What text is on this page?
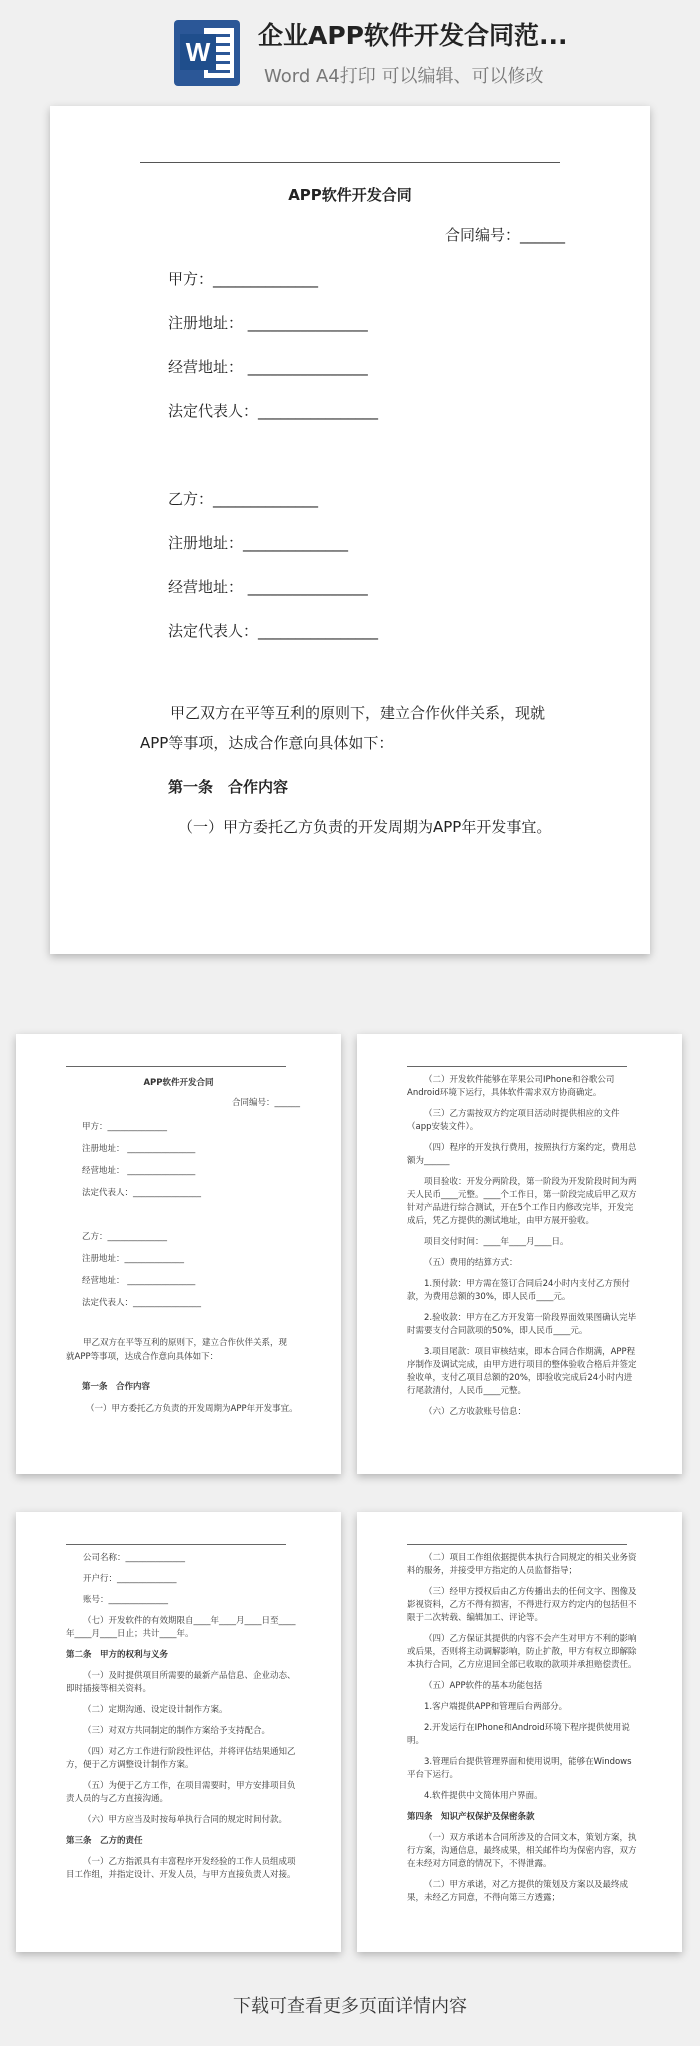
W
企业APP软件开发合同范...
Word A4打印 可以编辑、可以修改
APP软件开发合同
合同编号：______
甲方：______________
注册地址： ________________
经营地址： ________________
法定代表人：________________
乙方：______________
注册地址：______________
经营地址： ________________
法定代表人：________________
甲乙双方在平等互利的原则下，建立合作伙伴关系，现就APP等事项，达成合作意向具体如下：
第一条　合作内容
（一）甲方委托乙方负责的开发周期为APP年开发事宜。
APP软件开发合同
合同编号：______
甲方：______________
注册地址： ________________
经营地址： ________________
法定代表人：________________
乙方：______________
注册地址：______________
经营地址： ________________
法定代表人：________________
甲乙双方在平等互利的原则下，建立合作伙伴关系，现就APP等事项，达成合作意向具体如下：
第一条　合作内容
（一）甲方委托乙方负责的开发周期为APP年开发事宜。
（二）开发软件能够在苹果公司IPhone和谷歌公司Android环境下运行，具体软件需求双方协商确定。
（三）乙方需按双方约定项目活动时提供相应的文件（app安装文件）。
（四）程序的开发执行费用，按照执行方案约定，费用总额为______
项目验收：开发分两阶段，第一阶段为开发阶段时间为两天人民币____元整。____个工作日，第一阶段完成后甲乙双方针对产品进行综合测试，开在5个工作日内修改完毕，开发完成后，凭乙方提供的测试地址，由甲方展开验收。
项目交付时间：____年____月____日。
（五）费用的结算方式：
1.预付款：甲方需在签订合同后24小时内支付乙方预付款，为费用总额的30%，即人民币____元。
2.验收款：甲方在乙方开发第一阶段界面效果图确认完毕时需要支付合同款项的50%，即人民币____元。
3.项目尾款：项目审核结束，即本合同合作期满，APP程序制作及调试完成，由甲方进行项目的整体验收合格后并签定验收单，支付乙项目总额的20%，即验收完成后24小时内进行尾款清付，人民币____元整。
（六）乙方收款账号信息：
公司名称：______________
开户行：______________
账号：______________
（七）开发软件的有效期限自____年____月____日至____年____月____日止；共计____年。
第二条　甲方的权利与义务
（一）及时提供项目所需要的最新产品信息、企业动态、即时插接等相关资料。
（二）定期沟通、设定设计制作方案。
（三）对双方共同制定的制作方案给予支持配合。
（四）对乙方工作进行阶段性评估，并将评估结果通知乙方，便于乙方调整设计制作方案。
（五）为便于乙方工作，在项目需要时，甲方安排项目负责人员的与乙方直接沟通。
（六）甲方应当及时按每单执行合同的规定时间付款。
第三条　乙方的责任
（一）乙方指派具有丰富程序开发经验的工作人员组成项目工作组，并指定设计、开发人员，与甲方直接负责人对接。
（二）项目工作组依据提供本执行合同规定的相关业务资料的服务，并接受甲方指定的人员监督指导；
（三）经甲方授权后由乙方传播出去的任何文字、图像及影视资料，乙方不得有损害，不得进行双方约定内的包括但不限于二次转载、编辑加工、评论等。
（四）乙方保证其提供的内容不会产生对甲方不利的影响或后果，否则将主动调解影响，防止扩散，甲方有权立即解除本执行合同，乙方应退回全部已收取的款项并承担赔偿责任。
（五）APP软件的基本功能包括
1.客户端提供APP和管理后台两部分。
2.开发运行在IPhone和Android环境下程序提供使用说明。
3.管理后台提供管理界面和使用说明，能够在Windows平台下运行。
4.软件提供中文简体用户界面。
第四条　知识产权保护及保密条款
（一）双方承诺本合同所涉及的合同文本，策划方案，执行方案，沟通信息，最终成果，相关邮件均为保密内容，双方在未经对方同意的情况下，不得泄露。
（二）甲方承诺，对乙方提供的策划及方案以及最终成果，未经乙方同意，不得向第三方透露；
下载可查看更多页面详情内容
